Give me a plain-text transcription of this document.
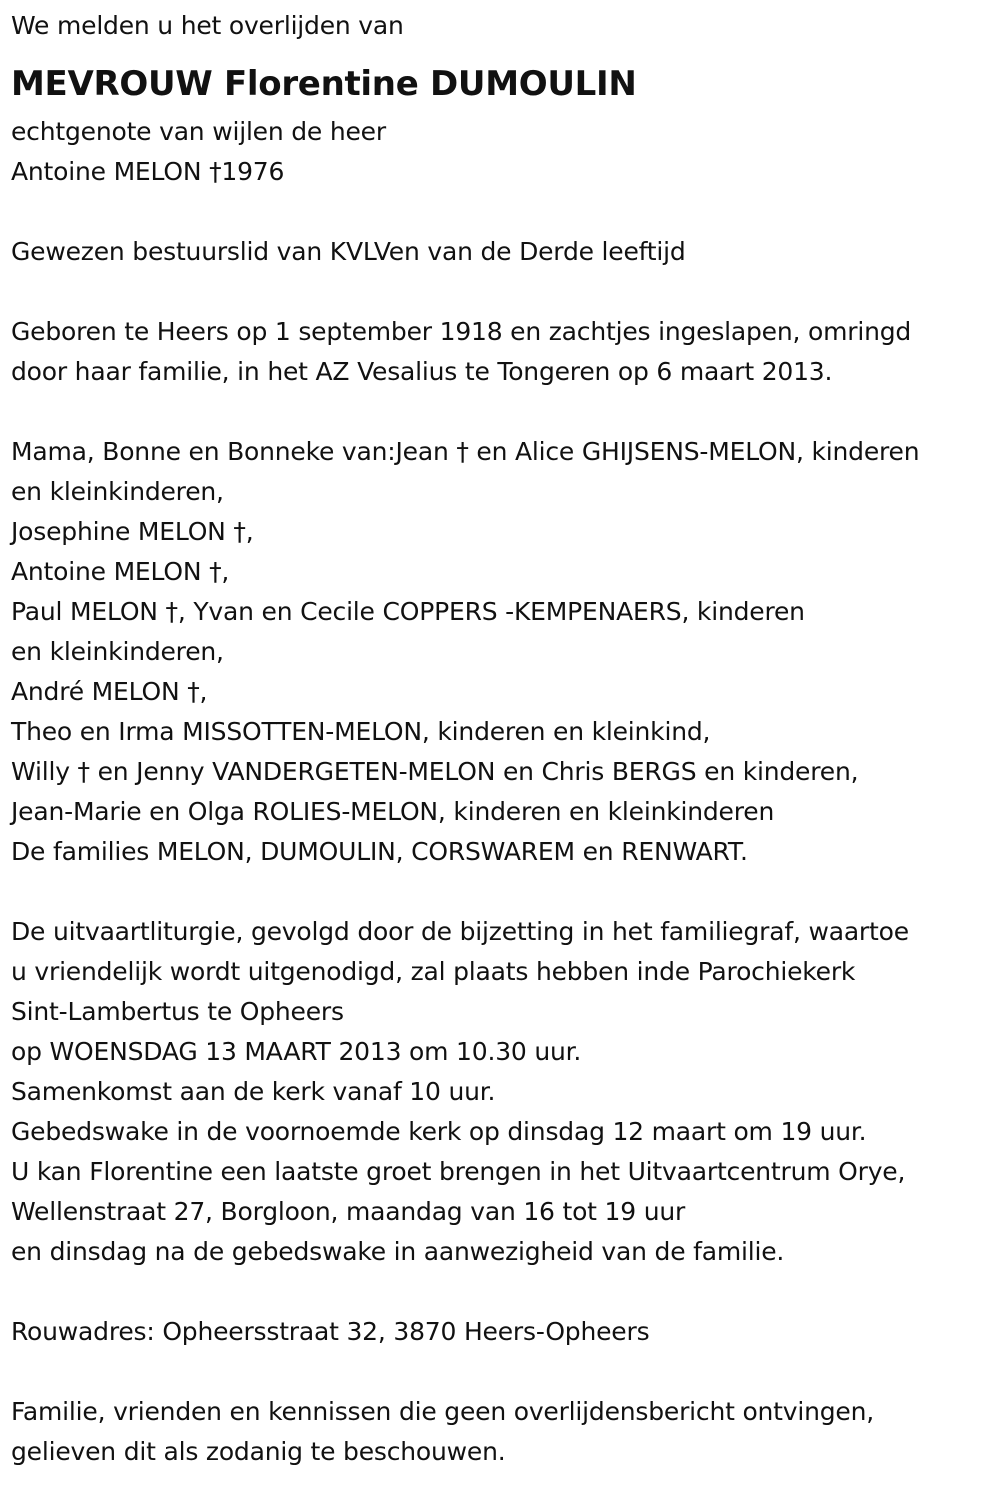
We melden u het overlijden van
MEVROUW Florentine DUMOULIN
echtgenote van wijlen de heer
Antoine MELON †1976
Gewezen bestuurslid van KVLVen van de Derde leeftijd
Geboren te Heers op 1 september 1918 en zachtjes ingeslapen, omringd
door haar familie, in het AZ Vesalius te Tongeren op 6 maart 2013.
Mama, Bonne en Bonneke van:Jean † en Alice GHIJSENS-MELON, kinderen
en kleinkinderen,
Josephine MELON †,
Antoine MELON †,
Paul MELON †, Yvan en Cecile COPPERS -KEMPENAERS, kinderen
en kleinkinderen,
André MELON †,
Theo en Irma MISSOTTEN-MELON, kinderen en kleinkind,
Willy † en Jenny VANDERGETEN-MELON en Chris BERGS en kinderen,
Jean-Marie en Olga ROLIES-MELON, kinderen en kleinkinderen
De families MELON, DUMOULIN, CORSWAREM en RENWART.
De uitvaartliturgie, gevolgd door de bijzetting in het familiegraf, waartoe
u vriendelijk wordt uitgenodigd, zal plaats hebben inde Parochiekerk
Sint-Lambertus te Opheers
op WOENSDAG 13 MAART 2013 om 10.30 uur.
Samenkomst aan de kerk vanaf 10 uur.
Gebedswake in de voornoemde kerk op dinsdag 12 maart om 19 uur.
U kan Florentine een laatste groet brengen in het Uitvaartcentrum Orye,
Wellenstraat 27, Borgloon, maandag van 16 tot 19 uur
en dinsdag na de gebedswake in aanwezigheid van de familie.
Rouwadres: Opheersstraat 32, 3870 Heers-Opheers
Familie, vrienden en kennissen die geen overlijdensbericht ontvingen,
gelieven dit als zodanig te beschouwen.
